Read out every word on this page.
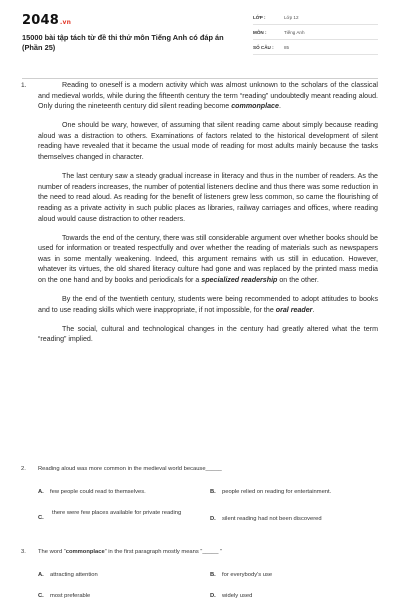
2048.vn
15000 bài tập tách từ đề thi thử môn Tiếng Anh có đáp án (Phần 25)
LỚP :	Lớp 12
MÔN :	Tiếng Anh
SỐ CÂU : 85
1.	Reading to oneself is a modern activity which was almost unknown to the scholars of the classical and medieval worlds, while during the fifteenth century the term “reading” undoubtedly meant reading aloud. Only during the nineteenth century did silent reading become commonplace.

One should be wary, however, of assuming that silent reading came about simply because reading aloud was a distraction to others. Examinations of factors related to the historical development of silent reading have revealed that it became the usual mode of reading for most adults mainly because the tasks themselves changed in character.

The last century saw a steady gradual increase in literacy and thus in the number of readers. As the number of readers increases, the number of potential listeners decline and thus there was some reduction in the need to read aloud. As reading for the benefit of listeners grew less common, so came the flourishing of reading as a private activity in such public places as libraries, railway carriages and offices, where reading aloud would cause distraction to other readers.

Towards the end of the century, there was still considerable argument over whether books should be used for information or treated respectfully and over whether the reading of materials such as newspapers was in some mentally weakening. Indeed, this argument remains with us still in education. However, whatever its virtues, the old shared literacy culture had gone and was replaced by the printed mass media on the one hand and by books and periodicals for a specialized readership on the other.

By the end of the twentieth century, students were being recommended to adopt attitudes to books and to use reading skills which were inappropriate, if not impossible, for the oral reader.

The social, cultural and technological changes in the century had greatly altered what the term “reading” implied.

2. Reading aloud was more common in the medieval world because_____
A. few people could read to themselves.	B. people relied on reading for entertainment.
C.
there were few places available for private reading
D. silent reading had not been discovered
3. The word “commonplace” in the first paragraph mostly means “_____ ”
A. attracting attention	B. for everybody's use
C. most preferable	D. widely used
